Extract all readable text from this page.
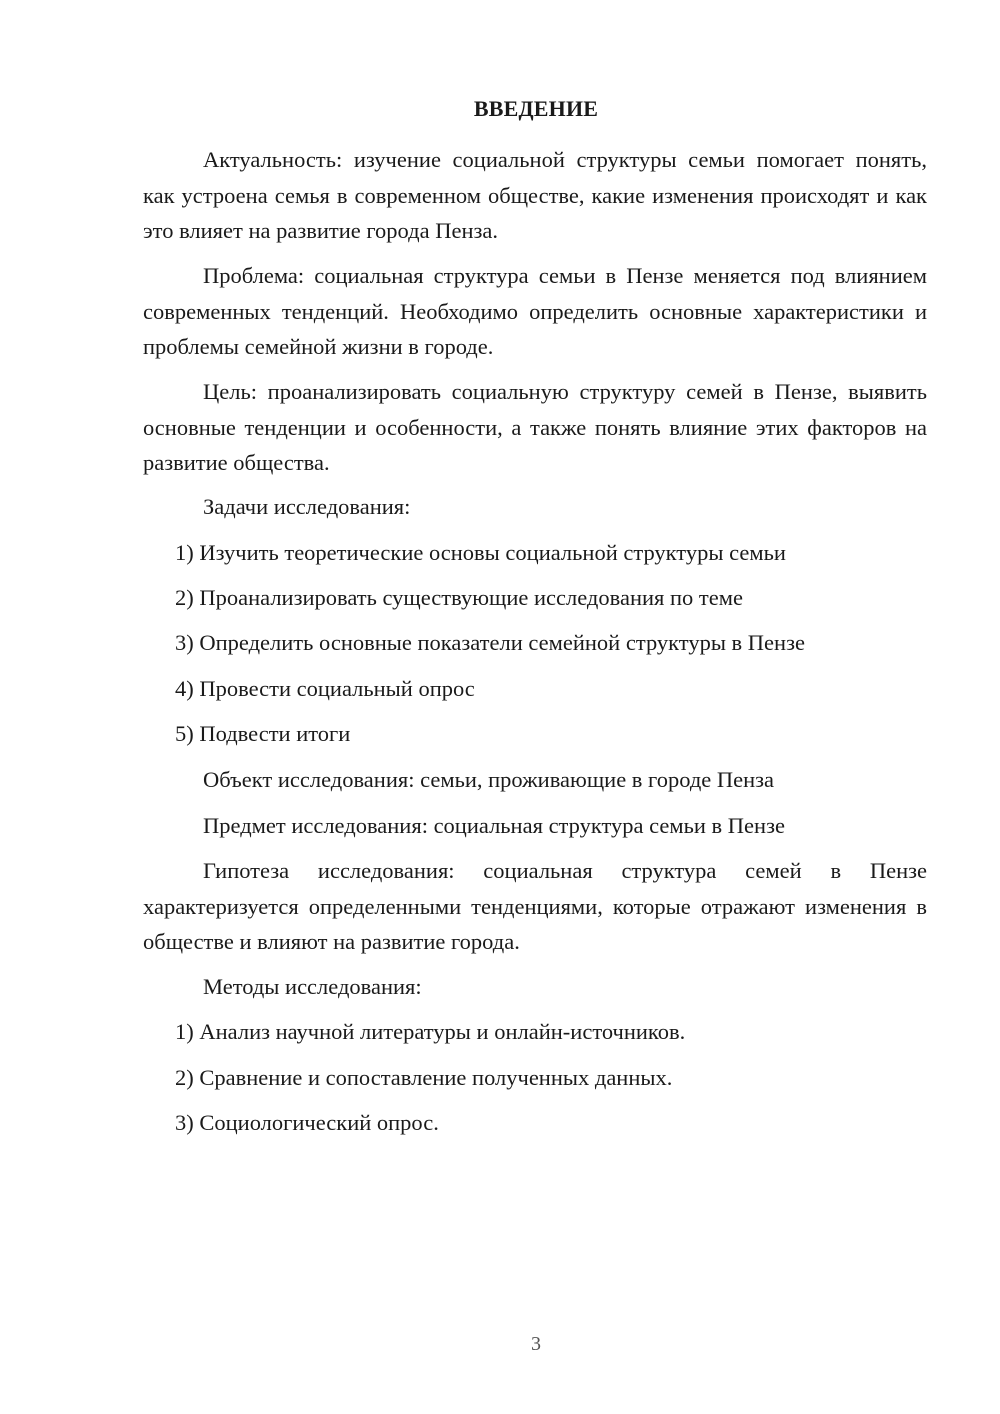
ВВЕДЕНИЕ

Актуальность: изучение социальной структуры семьи помогает понять, как устроена семья в современном обществе, какие изменения происходят и как это влияет на развитие города Пенза.

Проблема: социальная структура семьи в Пензе меняется под влиянием современных тенденций. Необходимо определить основные характеристики и проблемы семейной жизни в городе.

Цель: проанализировать социальную структуру семей в Пензе, выявить основные тенденции и особенности, а также понять влияние этих факторов на развитие общества.

Задачи исследования:

1) Изучить теоретические основы социальной структуры семьи

2) Проанализировать существующие исследования по теме

3) Определить основные показатели семейной структуры в Пензе

4) Провести социальный опрос

5) Подвести итоги

Объект исследования: семьи, проживающие в городе Пенза

Предмет исследования: социальная структура семьи в Пензе

Гипотеза исследования: социальная структура семей в Пензе характеризуется определенными тенденциями, которые отражают изменения в обществе и влияют на развитие города.

Методы исследования:

1) Анализ научной литературы и онлайн-источников.

2) Сравнение и сопоставление полученных данных.

3) Социологический опрос.

3
